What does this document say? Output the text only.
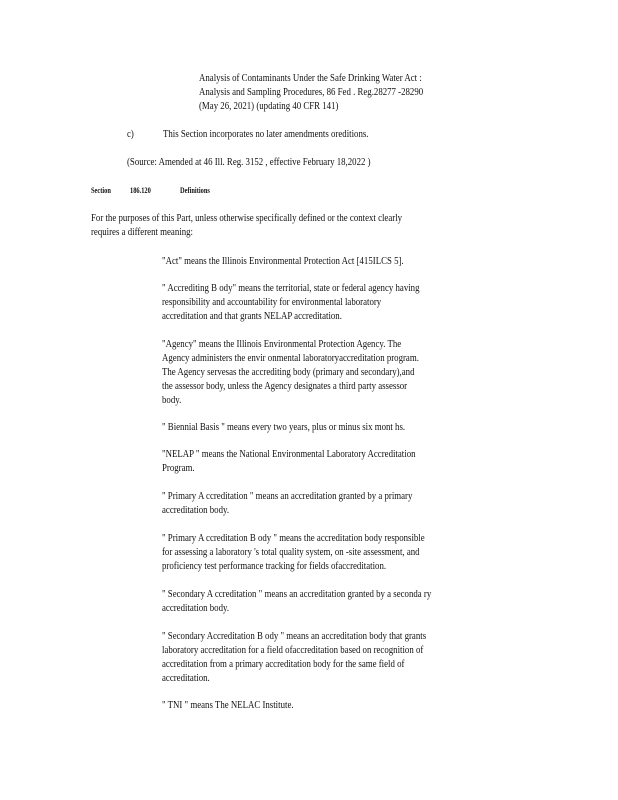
Analysis of Contaminants Under the Safe Drinking Water Act :

Analysis and Sampling Procedures, 86 Fed . Reg.28277 -28290

(May 26, 2021) (updating 40 CFR 141)

c)	This Section incorporates no later amendments oreditions.

(Source: Amended at 46 Ill. Reg. 3152 , effective February 18,2022 )

Section 186.120	Definitions

For the purposes of this Part, unless otherwise specifically defined or the context clearly

requires a different meaning:

"Act" means the Illinois Environmental Protection Act [415ILCS 5].

" Accrediting B ody" means the territorial, state or federal agency having

responsibility and accountability for environmental laboratory

accreditation and that grants NELAP accreditation.

"Agency" means the Illinois Environmental Protection Agency. The

Agency administers the envir onmental laboratoryaccreditation program.

The Agency servesas the accrediting body (primary and secondary),and

the assessor body, unless the Agency designates a third party assessor

body.

" Biennial Basis " means every two years, plus or minus six mont hs.

"NELAP " means the National Environmental Laboratory Accreditation

Program.

" Primary A ccreditation " means an accreditation granted by a primary

accreditation body.

" Primary A ccreditation B ody " means the accreditation body responsible

for assessing a laboratory 's total quality system, on -site assessment, and

proficiency test performance tracking for fields ofaccreditation.

" Secondary A ccreditation " means an accreditation granted by a seconda ry

accreditation body.

" Secondary Accreditation B ody " means an accreditation body that grants

laboratory accreditation for a field ofaccreditation based on recognition of

accreditation from a primary accreditation body for the same field of

accreditation.

" TNI " means The NELAC Institute.
